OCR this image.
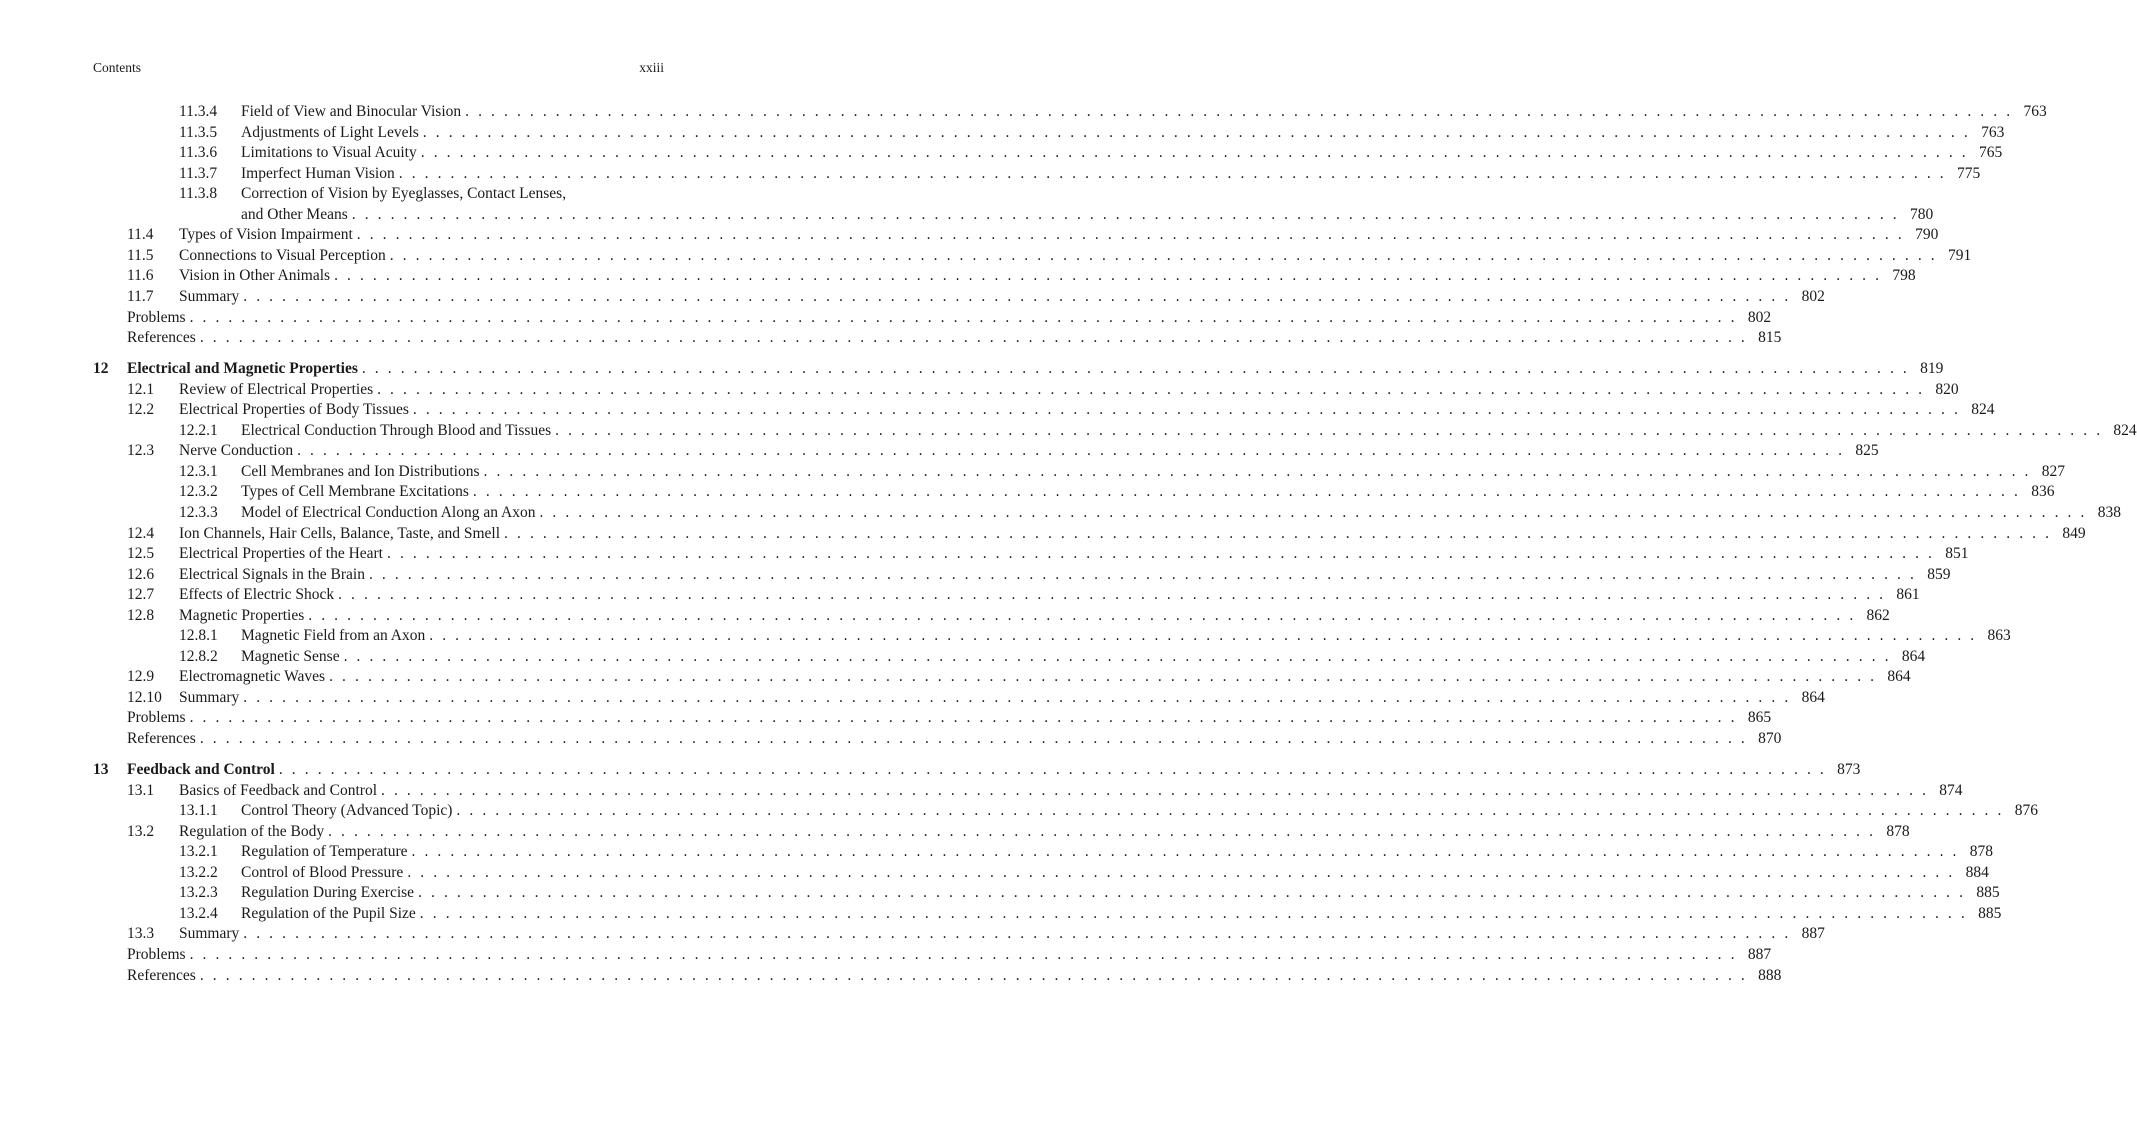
Contents	xxiii
11.3.4 Field of View and Binocular Vision . . . . . . . . . . . . . . . . . . . . . . . . . . . . . . . . . . . . . . . . . . . . . . . . . . . . . . . . . . . . . . . . . . . . . . . . . . . . . . . . . . . . . . . . . . . . . . . . . . . . . . . . . . . . . . . . . . . . . . . . 763
11.3.5 Adjustments of Light Levels . . . . . . . . . . . . . . . . . . . . . . . . . . . . . . . . . . . . . . . . . . . . . . . . . . . . . . . . . . . . . . . . . . . . . . . . . . . . . . . . . . . . . . . . . . . . . . . . . . . . . . . . . . . . . . . . . . . . . . . . 763
11.3.6 Limitations to Visual Acuity . . . . . . . . . . . . . . . . . . . . . . . . . . . . . . . . . . . . . . . . . . . . . . . . . . . . . . . . . . . . . . . . . . . . . . . . . . . . . . . . . . . . . . . . . . . . . . . . . . . . . . . . . . . . . . . . . . . . . . . . 765
11.3.7 Imperfect Human Vision . . . . . . . . . . . . . . . . . . . . . . . . . . . . . . . . . . . . . . . . . . . . . . . . . . . . . . . . . . . . . . . . . . . . . . . . . . . . . . . . . . . . . . . . . . . . . . . . . . . . . . . . . . . . . . . . . . . . . . . . 775
11.3.8 Correction of Vision by Eyeglasses, Contact Lenses,
and Other Means . . . . . . . . . . . . . . . . . . . . . . . . . . . . . . . . . . . . . . . . . . . . . . . . . . . . . . . . . . . . . . . . . . . . . . . . . . . . . . . . . . . . . . . . . . . . . . . . . . . . . . . . . . . . . . . . . . . . . . . . 780
11.4 Types of Vision Impairment . . . . . . . . . . . . . . . . . . . . . . . . . . . . . . . . . . . . . . . . . . . . . . . . . . . . . . . . . . . . . . . . . . . . . . . . . . . . . . . . . . . . . . . . . . . . . . . . . . . . . . . . . . . . . . . . . . . . . . . . 790
11.5 Connections to Visual Perception . . . . . . . . . . . . . . . . . . . . . . . . . . . . . . . . . . . . . . . . . . . . . . . . . . . . . . . . . . . . . . . . . . . . . . . . . . . . . . . . . . . . . . . . . . . . . . . . . . . . . . . . . . . . . . . . . . . . . . . . 791
11.6 Vision in Other Animals . . . . . . . . . . . . . . . . . . . . . . . . . . . . . . . . . . . . . . . . . . . . . . . . . . . . . . . . . . . . . . . . . . . . . . . . . . . . . . . . . . . . . . . . . . . . . . . . . . . . . . . . . . . . . . . . . . . . . . . . 798
11.7 Summary . . . . . . . . . . . . . . . . . . . . . . . . . . . . . . . . . . . . . . . . . . . . . . . . . . . . . . . . . . . . . . . . . . . . . . . . . . . . . . . . . . . . . . . . . . . . . . . . . . . . . . . . . . . . . . . . . . . . . . . . 802
Problems . . . . . . . . . . . . . . . . . . . . . . . . . . . . . . . . . . . . . . . . . . . . . . . . . . . . . . . . . . . . . . . . . . . . . . . . . . . . . . . . . . . . . . . . . . . . . . . . . . . . . . . . . . . . . . . . . . . . . . . . 802
References . . . . . . . . . . . . . . . . . . . . . . . . . . . . . . . . . . . . . . . . . . . . . . . . . . . . . . . . . . . . . . . . . . . . . . . . . . . . . . . . . . . . . . . . . . . . . . . . . . . . . . . . . . . . . . . . . . . . . . . . 815
12 Electrical and Magnetic Properties . . . . . . . . . . . . . . . . . . . . . . . . . . . . . . . . . . . . . . . . . . . . . . . . . . . . . . . . . . . . . . . . . . . . . . . . . . . . . . . . . . . . . . . . . . . . . . . . . . . . . . . . . . . . . . . . . . . . . . . . 819
12.1 Review of Electrical Properties . . . . . . . . . . . . . . . . . . . . . . . . . . . . . . . . . . . . . . . . . . . . . . . . . . . . . . . . . . . . . . . . . . . . . . . . . . . . . . . . . . . . . . . . . . . . . . . . . . . . . . . . . . . . . . . . . . . . . . . . 820
12.2 Electrical Properties of Body Tissues . . . . . . . . . . . . . . . . . . . . . . . . . . . . . . . . . . . . . . . . . . . . . . . . . . . . . . . . . . . . . . . . . . . . . . . . . . . . . . . . . . . . . . . . . . . . . . . . . . . . . . . . . . . . . . . . . . . . . . . . 824
12.2.1 Electrical Conduction Through Blood and Tissues . . . . . . . . . . . . . . . . . . . . . . . . . . . . . . . . . . . . . . . . . . . . . . . . . . . . . . . . . . . . . . . . . . . . . . . . . . . . . . . . . . . . . . . . . . . . . . . . . . . . . . . . . . . . . . . . . . . . . . . . 824
12.3 Nerve Conduction . . . . . . . . . . . . . . . . . . . . . . . . . . . . . . . . . . . . . . . . . . . . . . . . . . . . . . . . . . . . . . . . . . . . . . . . . . . . . . . . . . . . . . . . . . . . . . . . . . . . . . . . . . . . . . . . . . . . . . . . 825
12.3.1 Cell Membranes and Ion Distributions . . . . . . . . . . . . . . . . . . . . . . . . . . . . . . . . . . . . . . . . . . . . . . . . . . . . . . . . . . . . . . . . . . . . . . . . . . . . . . . . . . . . . . . . . . . . . . . . . . . . . . . . . . . . . . . . . . . . . . . . 827
12.3.2 Types of Cell Membrane Excitations . . . . . . . . . . . . . . . . . . . . . . . . . . . . . . . . . . . . . . . . . . . . . . . . . . . . . . . . . . . . . . . . . . . . . . . . . . . . . . . . . . . . . . . . . . . . . . . . . . . . . . . . . . . . . . . . . . . . . . . . 836
12.3.3 Model of Electrical Conduction Along an Axon . . . . . . . . . . . . . . . . . . . . . . . . . . . . . . . . . . . . . . . . . . . . . . . . . . . . . . . . . . . . . . . . . . . . . . . . . . . . . . . . . . . . . . . . . . . . . . . . . . . . . . . . . . . . . . . . . . . . . . . . 838
12.4 Ion Channels, Hair Cells, Balance, Taste, and Smell . . . . . . . . . . . . . . . . . . . . . . . . . . . . . . . . . . . . . . . . . . . . . . . . . . . . . . . . . . . . . . . . . . . . . . . . . . . . . . . . . . . . . . . . . . . . . . . . . . . . . . . . . . . . . . . . . . . . . . . . 849
12.5 Electrical Properties of the Heart . . . . . . . . . . . . . . . . . . . . . . . . . . . . . . . . . . . . . . . . . . . . . . . . . . . . . . . . . . . . . . . . . . . . . . . . . . . . . . . . . . . . . . . . . . . . . . . . . . . . . . . . . . . . . . . . . . . . . . . . 851
12.6 Electrical Signals in the Brain . . . . . . . . . . . . . . . . . . . . . . . . . . . . . . . . . . . . . . . . . . . . . . . . . . . . . . . . . . . . . . . . . . . . . . . . . . . . . . . . . . . . . . . . . . . . . . . . . . . . . . . . . . . . . . . . . . . . . . . . 859
12.7 Effects of Electric Shock . . . . . . . . . . . . . . . . . . . . . . . . . . . . . . . . . . . . . . . . . . . . . . . . . . . . . . . . . . . . . . . . . . . . . . . . . . . . . . . . . . . . . . . . . . . . . . . . . . . . . . . . . . . . . . . . . . . . . . . . 861
12.8 Magnetic Properties . . . . . . . . . . . . . . . . . . . . . . . . . . . . . . . . . . . . . . . . . . . . . . . . . . . . . . . . . . . . . . . . . . . . . . . . . . . . . . . . . . . . . . . . . . . . . . . . . . . . . . . . . . . . . . . . . . . . . . . . 862
12.8.1 Magnetic Field from an Axon . . . . . . . . . . . . . . . . . . . . . . . . . . . . . . . . . . . . . . . . . . . . . . . . . . . . . . . . . . . . . . . . . . . . . . . . . . . . . . . . . . . . . . . . . . . . . . . . . . . . . . . . . . . . . . . . . . . . . . . . 863
12.8.2 Magnetic Sense . . . . . . . . . . . . . . . . . . . . . . . . . . . . . . . . . . . . . . . . . . . . . . . . . . . . . . . . . . . . . . . . . . . . . . . . . . . . . . . . . . . . . . . . . . . . . . . . . . . . . . . . . . . . . . . . . . . . . . . . 864
12.9 Electromagnetic Waves . . . . . . . . . . . . . . . . . . . . . . . . . . . . . . . . . . . . . . . . . . . . . . . . . . . . . . . . . . . . . . . . . . . . . . . . . . . . . . . . . . . . . . . . . . . . . . . . . . . . . . . . . . . . . . . . . . . . . . . . 864
12.10 Summary . . . . . . . . . . . . . . . . . . . . . . . . . . . . . . . . . . . . . . . . . . . . . . . . . . . . . . . . . . . . . . . . . . . . . . . . . . . . . . . . . . . . . . . . . . . . . . . . . . . . . . . . . . . . . . . . . . . . . . . . 864
Problems . . . . . . . . . . . . . . . . . . . . . . . . . . . . . . . . . . . . . . . . . . . . . . . . . . . . . . . . . . . . . . . . . . . . . . . . . . . . . . . . . . . . . . . . . . . . . . . . . . . . . . . . . . . . . . . . . . . . . . . . 865
References . . . . . . . . . . . . . . . . . . . . . . . . . . . . . . . . . . . . . . . . . . . . . . . . . . . . . . . . . . . . . . . . . . . . . . . . . . . . . . . . . . . . . . . . . . . . . . . . . . . . . . . . . . . . . . . . . . . . . . . . 870
13 Feedback and Control . . . . . . . . . . . . . . . . . . . . . . . . . . . . . . . . . . . . . . . . . . . . . . . . . . . . . . . . . . . . . . . . . . . . . . . . . . . . . . . . . . . . . . . . . . . . . . . . . . . . . . . . . . . . . . . . . . . . . . . . 873
13.1 Basics of Feedback and Control . . . . . . . . . . . . . . . . . . . . . . . . . . . . . . . . . . . . . . . . . . . . . . . . . . . . . . . . . . . . . . . . . . . . . . . . . . . . . . . . . . . . . . . . . . . . . . . . . . . . . . . . . . . . . . . . . . . . . . . . 874
13.1.1 Control Theory (Advanced Topic) . . . . . . . . . . . . . . . . . . . . . . . . . . . . . . . . . . . . . . . . . . . . . . . . . . . . . . . . . . . . . . . . . . . . . . . . . . . . . . . . . . . . . . . . . . . . . . . . . . . . . . . . . . . . . . . . . . . . . . . . 876
13.2 Regulation of the Body . . . . . . . . . . . . . . . . . . . . . . . . . . . . . . . . . . . . . . . . . . . . . . . . . . . . . . . . . . . . . . . . . . . . . . . . . . . . . . . . . . . . . . . . . . . . . . . . . . . . . . . . . . . . . . . . . . . . . . . . 878
13.2.1 Regulation of Temperature . . . . . . . . . . . . . . . . . . . . . . . . . . . . . . . . . . . . . . . . . . . . . . . . . . . . . . . . . . . . . . . . . . . . . . . . . . . . . . . . . . . . . . . . . . . . . . . . . . . . . . . . . . . . . . . . . . . . . . . . 878
13.2.2 Control of Blood Pressure . . . . . . . . . . . . . . . . . . . . . . . . . . . . . . . . . . . . . . . . . . . . . . . . . . . . . . . . . . . . . . . . . . . . . . . . . . . . . . . . . . . . . . . . . . . . . . . . . . . . . . . . . . . . . . . . . . . . . . . . 884
13.2.3 Regulation During Exercise . . . . . . . . . . . . . . . . . . . . . . . . . . . . . . . . . . . . . . . . . . . . . . . . . . . . . . . . . . . . . . . . . . . . . . . . . . . . . . . . . . . . . . . . . . . . . . . . . . . . . . . . . . . . . . . . . . . . . . . . 885
13.2.4 Regulation of the Pupil Size . . . . . . . . . . . . . . . . . . . . . . . . . . . . . . . . . . . . . . . . . . . . . . . . . . . . . . . . . . . . . . . . . . . . . . . . . . . . . . . . . . . . . . . . . . . . . . . . . . . . . . . . . . . . . . . . . . . . . . . . 885
13.3 Summary . . . . . . . . . . . . . . . . . . . . . . . . . . . . . . . . . . . . . . . . . . . . . . . . . . . . . . . . . . . . . . . . . . . . . . . . . . . . . . . . . . . . . . . . . . . . . . . . . . . . . . . . . . . . . . . . . . . . . . . . 887
Problems . . . . . . . . . . . . . . . . . . . . . . . . . . . . . . . . . . . . . . . . . . . . . . . . . . . . . . . . . . . . . . . . . . . . . . . . . . . . . . . . . . . . . . . . . . . . . . . . . . . . . . . . . . . . . . . . . . . . . . . . 887
References . . . . . . . . . . . . . . . . . . . . . . . . . . . . . . . . . . . . . . . . . . . . . . . . . . . . . . . . . . . . . . . . . . . . . . . . . . . . . . . . . . . . . . . . . . . . . . . . . . . . . . . . . . . . . . . . . . . . . . . . 888
